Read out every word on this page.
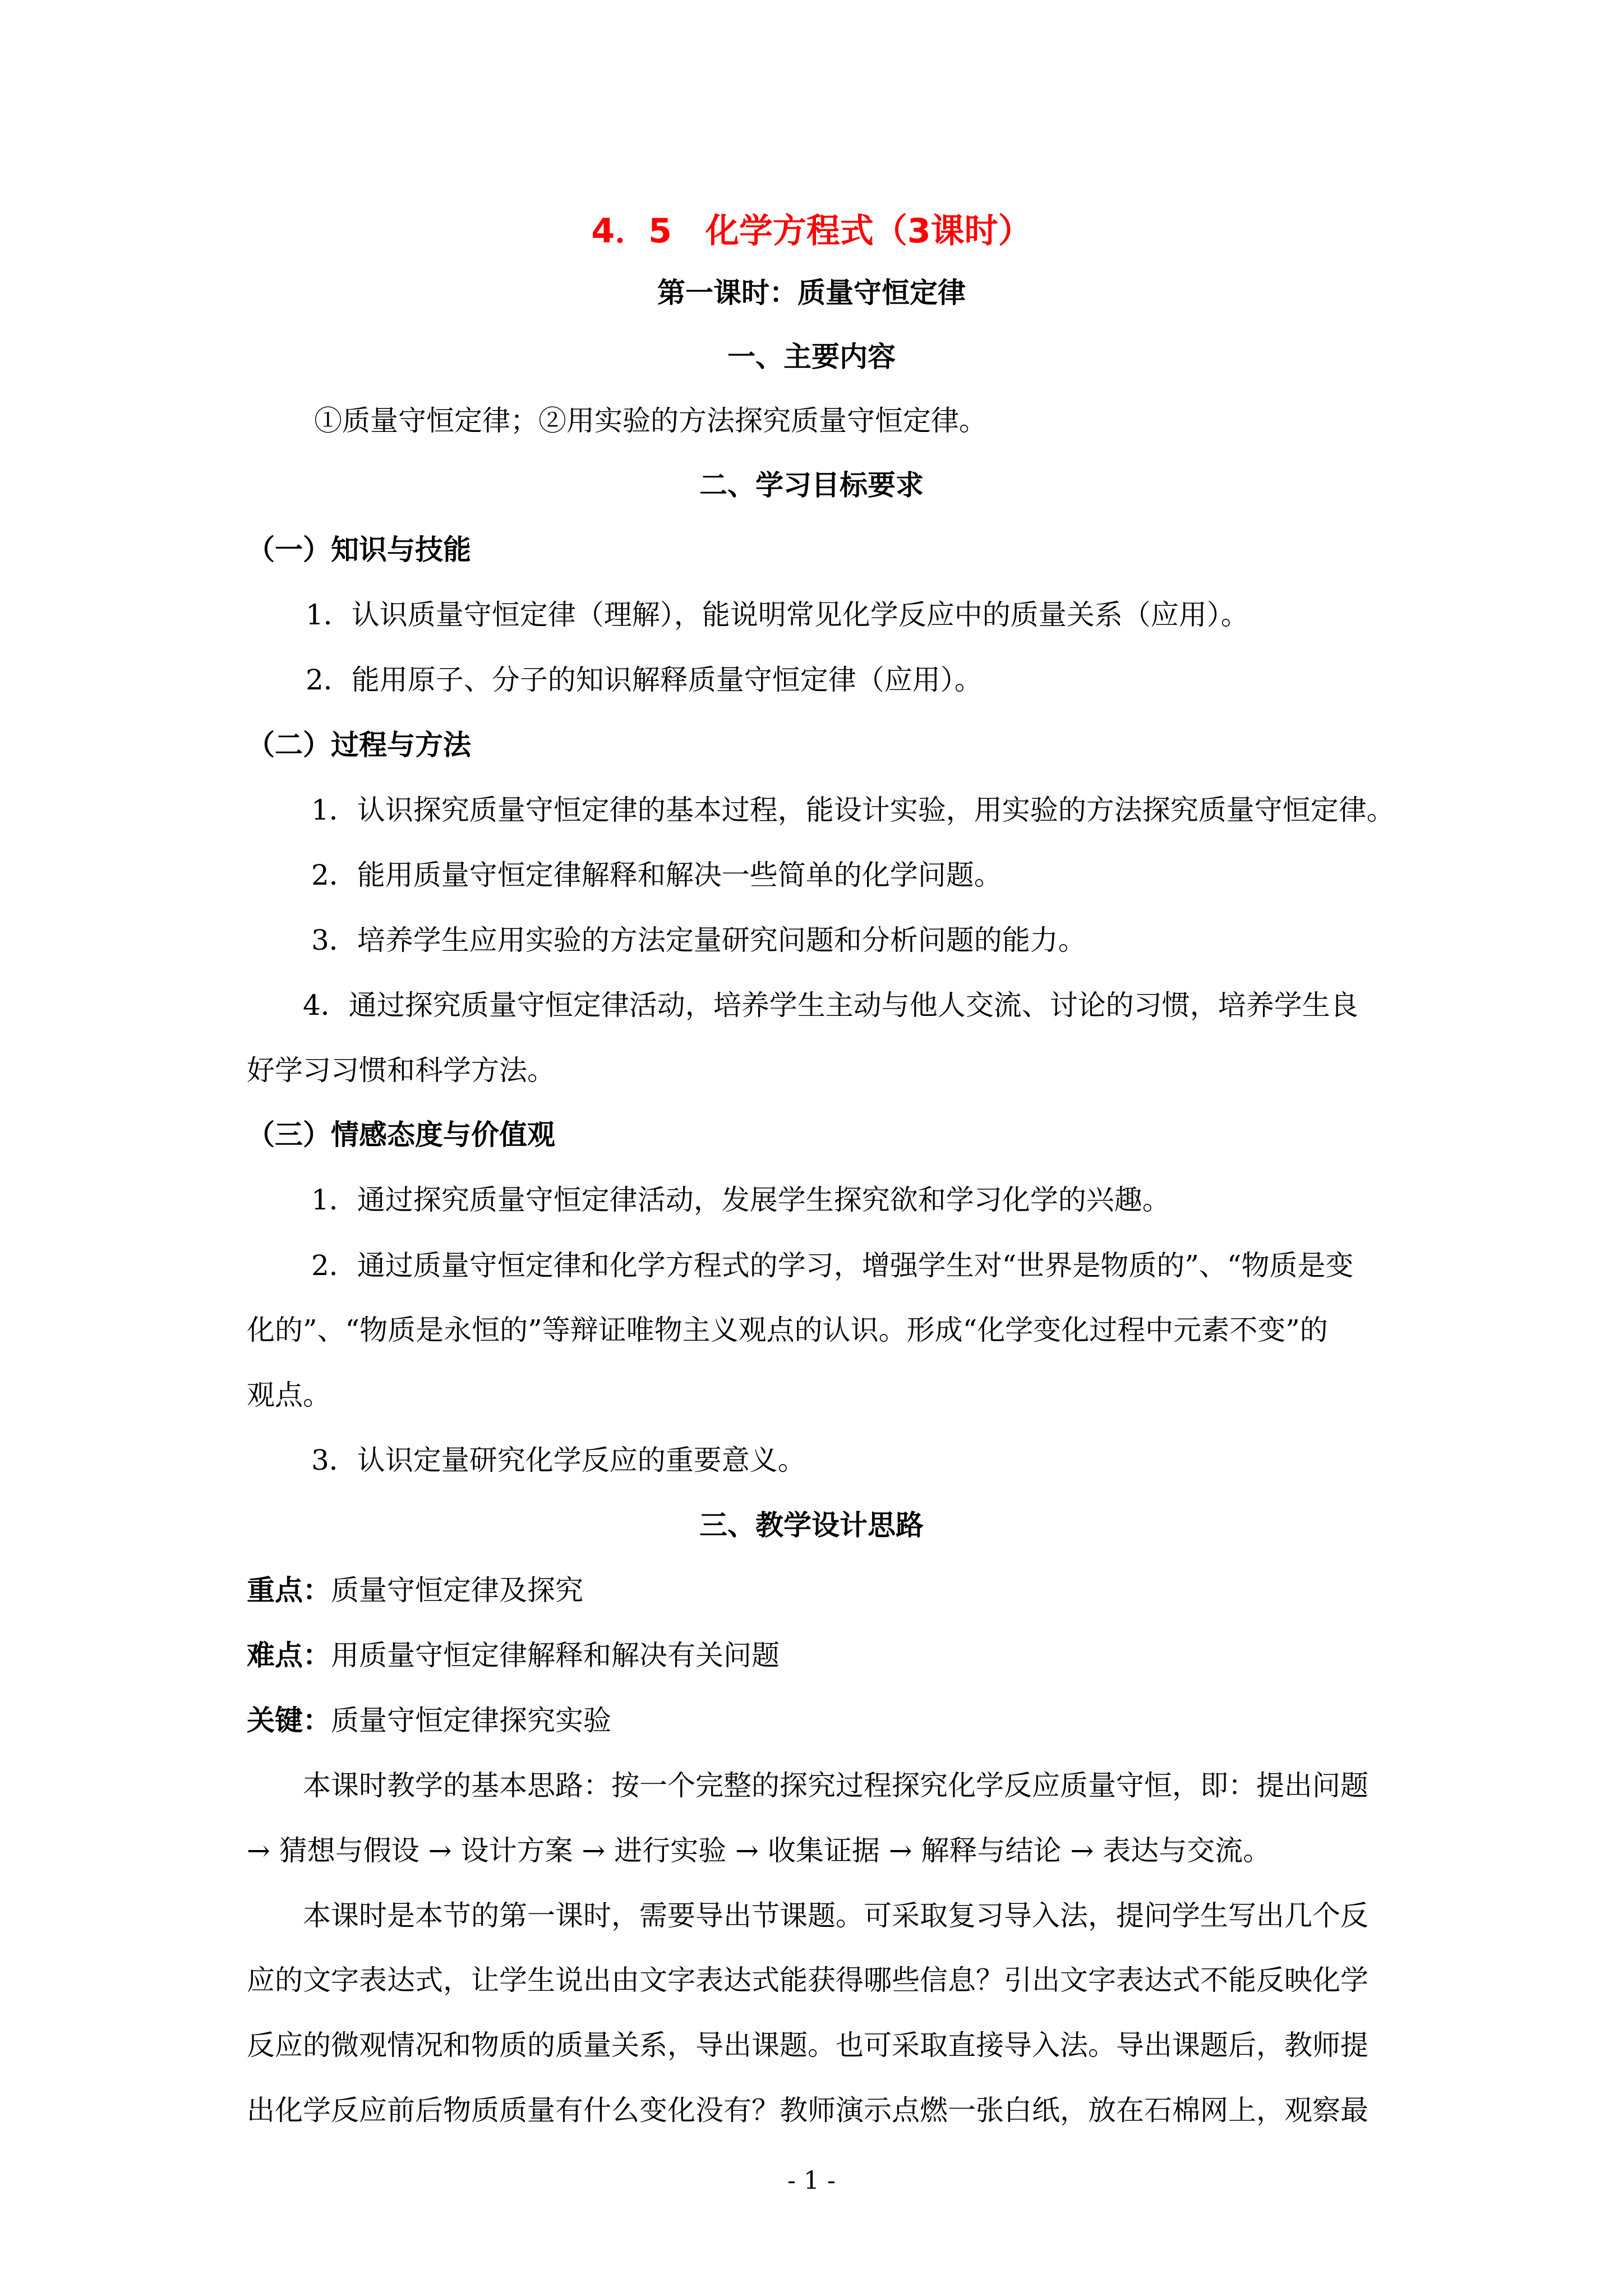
4．5　化学方程式（3课时）
第一课时：质量守恒定律
一、主要内容
①质量守恒定律；②用实验的方法探究质量守恒定律。
二、学习目标要求
（一）知识与技能
1．认识质量守恒定律（理解），能说明常见化学反应中的质量关系（应用）。
2．能用原子、分子的知识解释质量守恒定律（应用）。
（二）过程与方法
1．认识探究质量守恒定律的基本过程，能设计实验，用实验的方法探究质量守恒定律。
2．能用质量守恒定律解释和解决一些简单的化学问题。
3．培养学生应用实验的方法定量研究问题和分析问题的能力。
4．通过探究质量守恒定律活动，培养学生主动与他人交流、讨论的习惯，培养学生良
好学习习惯和科学方法。
（三）情感态度与价值观
1．通过探究质量守恒定律活动，发展学生探究欲和学习化学的兴趣。
2．通过质量守恒定律和化学方程式的学习，增强学生对“世界是物质的”、“物质是变
化的”、“物质是永恒的”等辩证唯物主义观点的认识。形成“化学变化过程中元素不变”的
观点。
3．认识定量研究化学反应的重要意义。
三、教学设计思路
重点：质量守恒定律及探究
难点：用质量守恒定律解释和解决有关问题
关键：质量守恒定律探究实验
本课时教学的基本思路：按一个完整的探究过程探究化学反应质量守恒，即：提出问题
→ 猜想与假设 → 设计方案 → 进行实验 → 收集证据 → 解释与结论 → 表达与交流。
本课时是本节的第一课时，需要导出节课题。可采取复习导入法，提问学生写出几个反
应的文字表达式，让学生说出由文字表达式能获得哪些信息？引出文字表达式不能反映化学
反应的微观情况和物质的质量关系，导出课题。也可采取直接导入法。导出课题后，教师提
出化学反应前后物质质量有什么变化没有？教师演示点燃一张白纸，放在石棉网上，观察最
- 1 -
